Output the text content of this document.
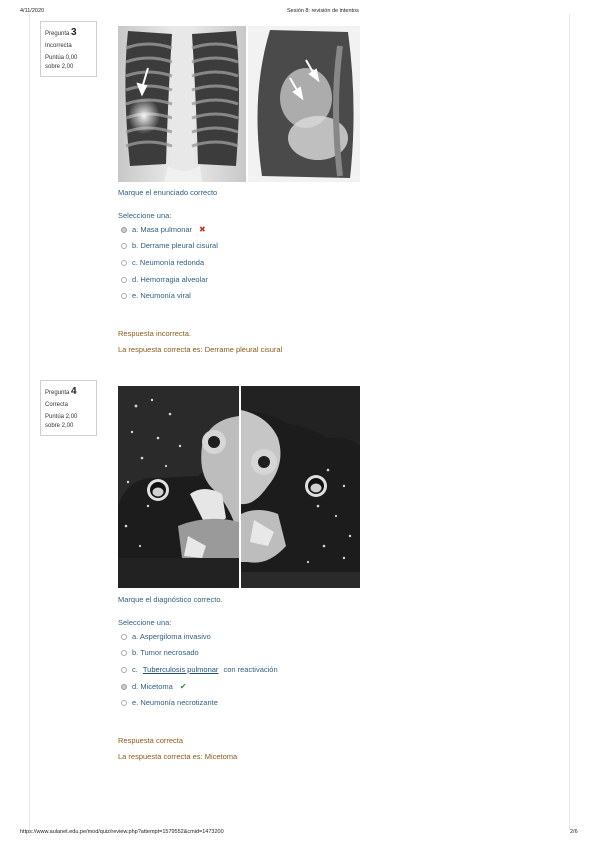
4/11/2020	Sesión 8: revisión de intentos
Pregunta 3
Incorrecta
Puntúa 0,00 sobre 2,00
Marque el enunciado correcto
Seleccione una:
a. Masa pulmonar ✖
b. Derrame pleural cisural
c. Neumonía redonda
d. Hemorragia alveolar
e. Neumonía viral
Respuesta incorrecta.
La respuesta correcta es: Derrame pleural cisural
Pregunta 4
Correcta
Puntúa 2,00 sobre 2,00
Marque el diagnóstico correcto.
Seleccione una:
a. Aspergiloma invasivo
b. Tumor necrosado
c. Tuberculosis pulmonar con reactivación
d. Micetoma ✔
e. Neumonía necrotizante
Respuesta correcta
La respuesta correcta es: Micetoma
https://www.aulanet.edu.pe/mod/quiz/review.php?attempt=1579552&cmid=1473200	2/6
